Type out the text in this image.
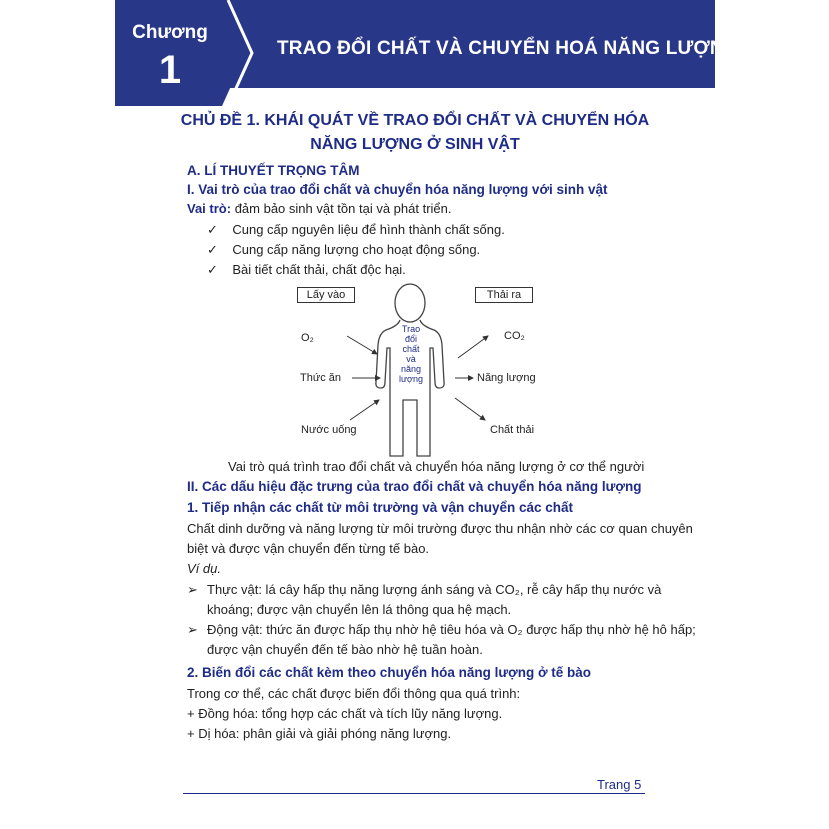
Chương
1	TRAO ĐỔI CHẤT VÀ CHUYỂN HOÁ NĂNG LƯỢNG
CHỦ ĐỀ 1. KHÁI QUÁT VỀ TRAO ĐỔI CHẤT VÀ CHUYỂN HÓA
NĂNG LƯỢNG Ở SINH VẬT
A. LÍ THUYẾT TRỌNG TÂM
I. Vai trò của trao đổi chất và chuyển hóa năng lượng với sinh vật
Vai trò: đảm bảo sinh vật tồn tại và phát triển.
✓ Cung cấp nguyên liệu để hình thành chất sống.
✓ Cung cấp năng lượng cho hoạt động sống.
✓ Bài tiết chất thải, chất độc hại.
Lấy vào	Thải ra
Trao
đổi
chất
và
năng
lượng
O₂
Thức ăn
Nước uống
CO₂
Năng lượng
Chất thải
Vai trò quá trình trao đổi chất và chuyển hóa năng lượng ở cơ thể người
II. Các dấu hiệu đặc trưng của trao đổi chất và chuyển hóa năng lượng
1. Tiếp nhận các chất từ môi trường và vận chuyển các chất
Chất dinh dưỡng và năng lượng từ môi trường được thu nhận nhờ các cơ quan chuyên
biệt và được vận chuyển đến từng tế bào.
Ví dụ.
➢ Thực vật: lá cây hấp thụ năng lượng ánh sáng và CO₂, rễ cây hấp thụ nước và
khoáng; được vận chuyển lên lá thông qua hệ mạch.
➢ Động vật: thức ăn được hấp thụ nhờ hệ tiêu hóa và O₂ được hấp thụ nhờ hệ hô hấp;
được vận chuyển đến tế bào nhờ hệ tuần hoàn.
2. Biến đổi các chất kèm theo chuyển hóa năng lượng ở tế bào
Trong cơ thể, các chất được biến đổi thông qua quá trình:
+ Đồng hóa: tổng hợp các chất và tích lũy năng lượng.
+ Dị hóa: phân giải và giải phóng năng lượng.
Trang 5
